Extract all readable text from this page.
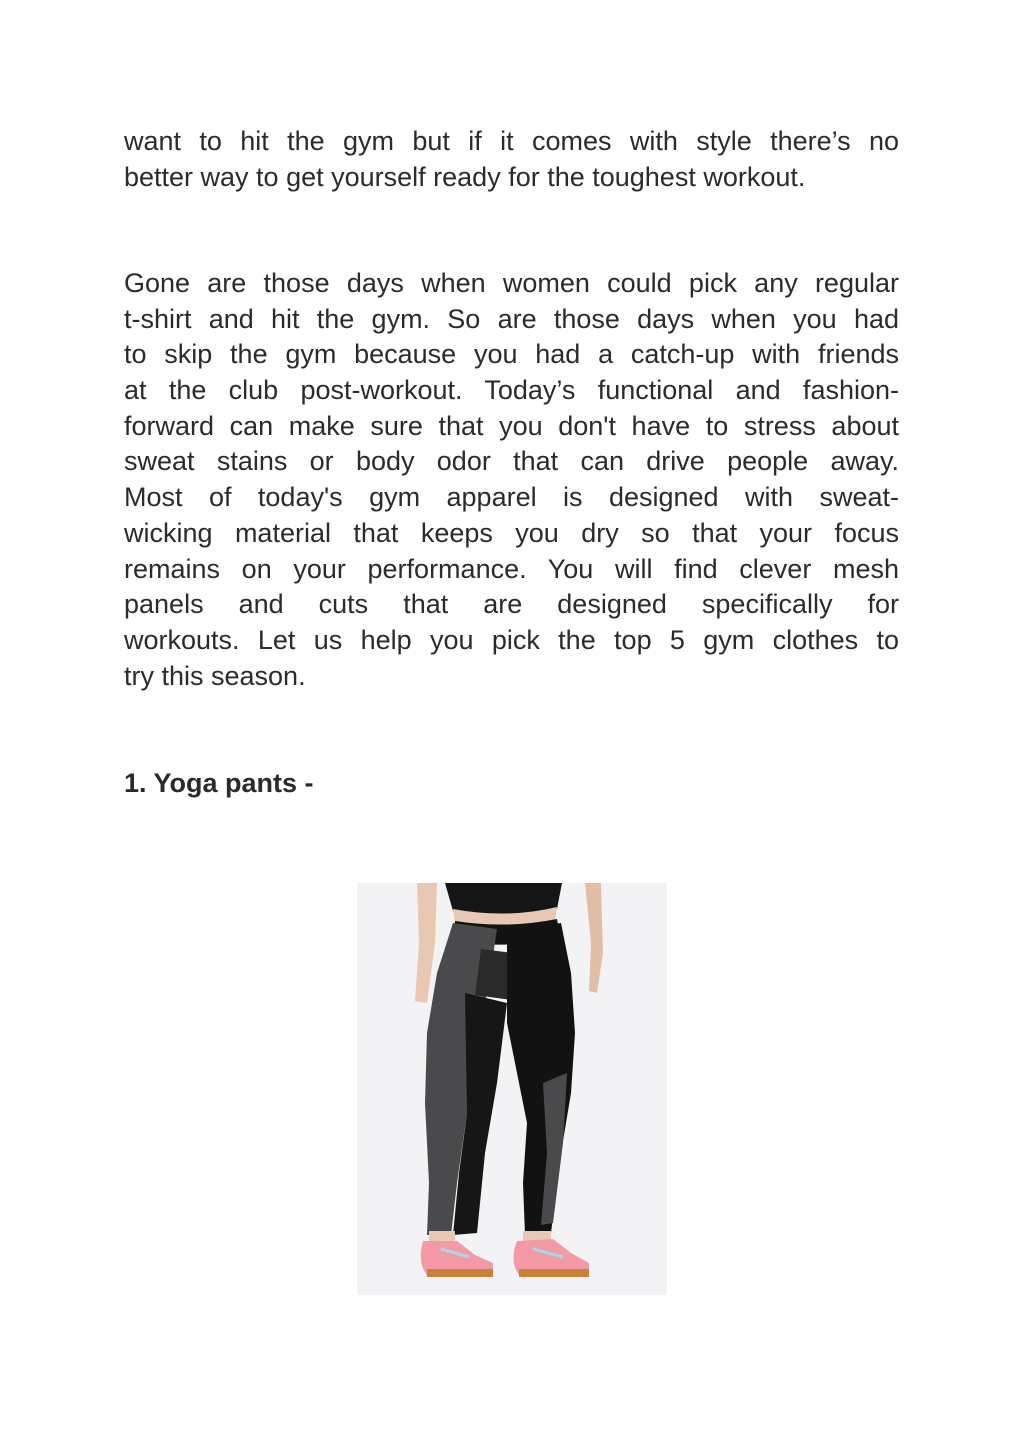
want to hit the gym but if it comes with style there’s no
better way to get yourself ready for the toughest workout.

Gone are those days when women could pick any regular
t-shirt and hit the gym. So are those days when you had
to skip the gym because you had a catch-up with friends
at the club post-workout. Today’s functional and fashion-
forward can make sure that you don't have to stress about
sweat stains or body odor that can drive people away.
Most of today's gym apparel is designed with sweat-
wicking material that keeps you dry so that your focus
remains on your performance. You will find clever mesh
panels and cuts that are designed specifically for
workouts. Let us help you pick the top 5 gym clothes to
try this season.

1. Yoga pants -
